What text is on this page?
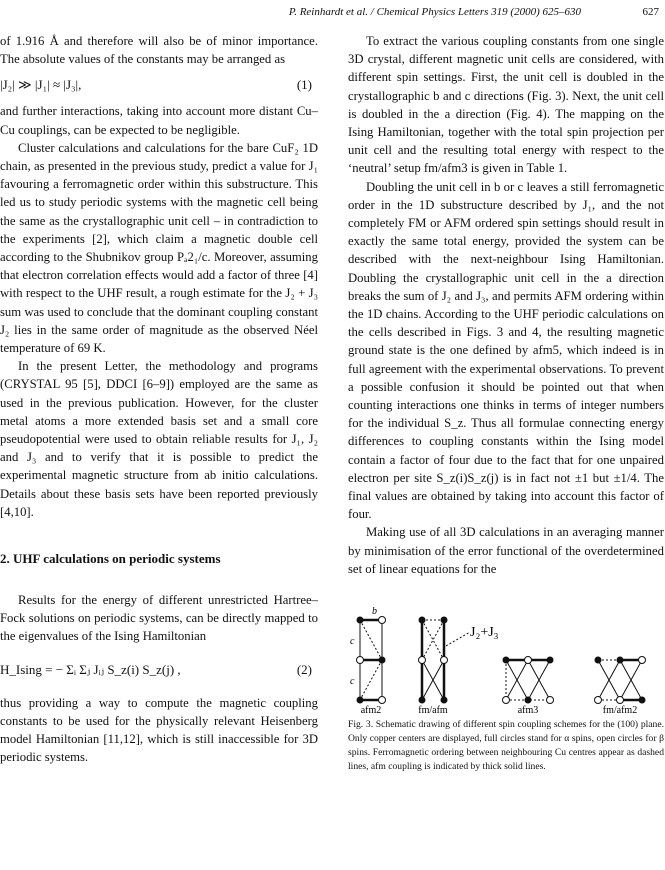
P. Reinhardt et al. / Chemical Physics Letters 319 (2000) 625–630	627

of 1.916 Å and therefore will also be of minor importance. The absolute values of the constants may be arranged as

|J₂| ≫ |J₁| ≈ |J₃|,	(1)

and further interactions, taking into account more distant Cu–Cu couplings, can be expected to be negligible.

Cluster calculations and calculations for the bare CuF₂ 1D chain, as presented in the previous study, predict a value for J₁ favouring a ferromagnetic order within this substructure. This led us to study periodic systems with the magnetic cell being the same as the crystallographic unit cell – in contradiction to the experiments [2], which claim a magnetic double cell according to the Shubnikov group Pₐ2₁/c. Moreover, assuming that electron correlation effects would add a factor of three [4] with respect to the UHF result, a rough estimate for the J₂ + J₃ sum was used to conclude that the dominant coupling constant J₂ lies in the same order of magnitude as the observed Néel temperature of 69 K.

In the present Letter, the methodology and programs (CRYSTAL 95 [5], DDCI [6–9]) employed are the same as used in the previous publication. However, for the cluster metal atoms a more extended basis set and a small core pseudopotential were used to obtain reliable results for J₁, J₂ and J₃ and to verify that it is possible to predict the experimental magnetic structure from ab initio calculations. Details about these basis sets have been reported previously [4,10].

2. UHF calculations on periodic systems

Results for the energy of different unrestricted Hartree–Fock solutions on periodic systems, can be directly mapped to the eigenvalues of the Ising Hamiltonian

H_Ising = − Σᵢ Σⱼ Jᵢⱼ S_z(i) S_z(j) ,	(2)

thus providing a way to compute the magnetic coupling constants to be used for the physically relevant Heisenberg model Hamiltonian [11,12], which is still inaccessible for 3D periodic systems.

To extract the various coupling constants from one single 3D crystal, different magnetic unit cells are considered, with different spin settings. First, the unit cell is doubled in the crystallographic b and c directions (Fig. 3). Next, the unit cell is doubled in the a direction (Fig. 4). The mapping on the Ising Hamiltonian, together with the total spin projection per unit cell and the resulting total energy with respect to the ‘neutral’ setup fm/afm3 is given in Table 1.

Doubling the unit cell in b or c leaves a still ferromagnetic order in the 1D substructure described by J₁, and the not completely FM or AFM ordered spin settings should result in exactly the same total energy, provided the system can be described with the next-neighbour Ising Hamiltonian. Doubling the crystallographic unit cell in the a direction breaks the sum of J₂ and J₃, and permits AFM ordering within the 1D chains. According to the UHF periodic calculations on the cells described in Figs. 3 and 4, the resulting magnetic ground state is the one defined by afm5, which indeed is in full agreement with the experimental observations. To prevent a possible confusion it should be pointed out that when counting interactions one thinks in terms of integer numbers for the individual S_z. Thus all formulae connecting energy differences to coupling constants within the Ising model contain a factor of four due to the fact that for one unpaired electron per site S_z(i)S_z(j) is in fact not ±1 but ±1/4. The final values are obtained by taking into account this factor of four.

Making use of all 3D calculations in an averaging manner by minimisation of the error functional of the overdetermined set of linear equations for the

b
c
c
J₂+J₃
afm2	fm/afm	afm3	fm/afm2
Fig. 3. Schematic drawing of different spin coupling schemes for the (100) plane. Only copper centers are displayed, full circles stand for α spins, open circles for β spins. Ferromagnetic ordering between neighbouring Cu centres appear as dashed lines, afm coupling is indicated by thick solid lines.
